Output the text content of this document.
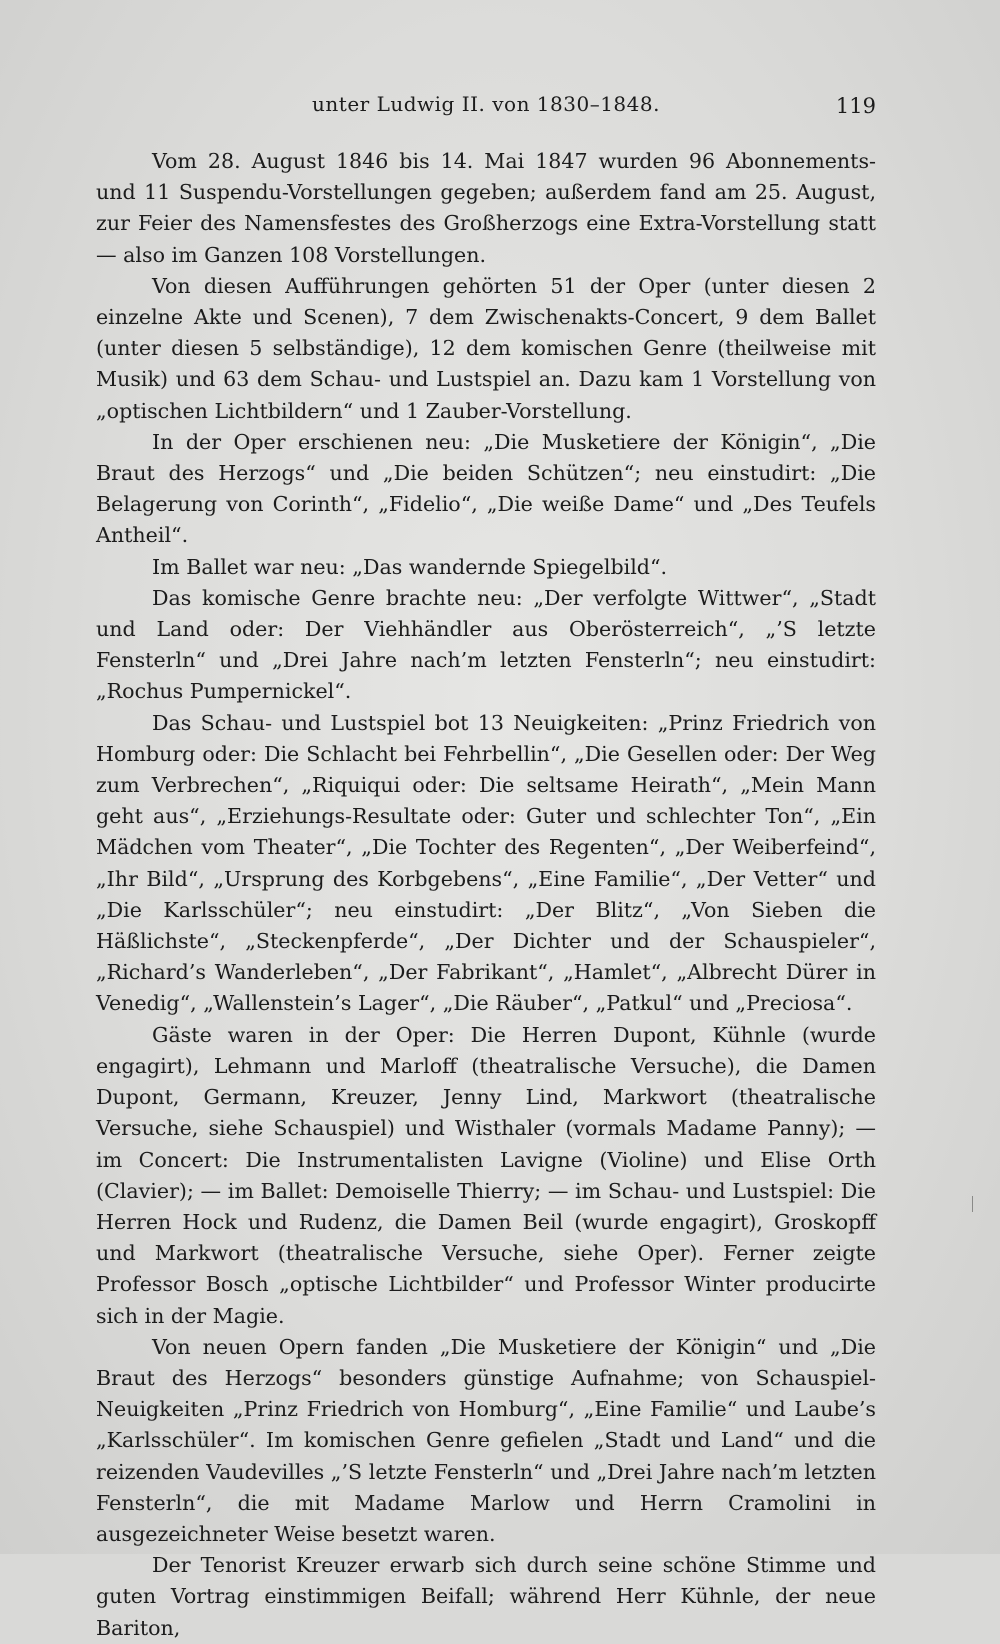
unter Ludwig II. von 1830–1848.	119

Vom 28. August 1846 bis 14. Mai 1847 wurden 96 Abonnements- und 11 Suspendu-Vorstellungen gegeben; außerdem fand am 25. August, zur Feier des Namensfestes des Großherzogs eine Extra-Vorstellung statt — also im Ganzen 108 Vorstellungen.

Von diesen Aufführungen gehörten 51 der Oper (unter diesen 2 einzelne Akte und Scenen), 7 dem Zwischenakts-Concert, 9 dem Ballet (unter diesen 5 selbständige), 12 dem komischen Genre (theilweise mit Musik) und 63 dem Schau- und Lustspiel an. Dazu kam 1 Vorstellung von „optischen Lichtbildern“ und 1 Zauber-Vorstellung.

In der Oper erschienen neu: „Die Musketiere der Königin“, „Die Braut des Herzogs“ und „Die beiden Schützen“; neu einstudirt: „Die Belagerung von Corinth“, „Fidelio“, „Die weiße Dame“ und „Des Teufels Antheil“.

Im Ballet war neu: „Das wandernde Spiegelbild“.

Das komische Genre brachte neu: „Der verfolgte Wittwer“, „Stadt und Land oder: Der Viehhändler aus Oberösterreich“, „’S letzte Fensterln“ und „Drei Jahre nach’m letzten Fensterln“; neu einstudirt: „Rochus Pumpernickel“.

Das Schau- und Lustspiel bot 13 Neuigkeiten: „Prinz Friedrich von Homburg oder: Die Schlacht bei Fehrbellin“, „Die Gesellen oder: Der Weg zum Verbrechen“, „Riquiqui oder: Die seltsame Heirath“, „Mein Mann geht aus“, „Erziehungs-Resultate oder: Guter und schlechter Ton“, „Ein Mädchen vom Theater“, „Die Tochter des Regenten“, „Der Weiberfeind“, „Ihr Bild“, „Ursprung des Korbgebens“, „Eine Familie“, „Der Vetter“ und „Die Karlsschüler“; neu einstudirt: „Der Blitz“, „Von Sieben die Häßlichste“, „Steckenpferde“, „Der Dichter und der Schauspieler“, „Richard’s Wanderleben“, „Der Fabrikant“, „Hamlet“, „Albrecht Dürer in Venedig“, „Wallenstein’s Lager“, „Die Räuber“, „Patkul“ und „Preciosa“.

Gäste waren in der Oper: Die Herren Dupont, Kühnle (wurde engagirt), Lehmann und Marloff (theatralische Versuche), die Damen Dupont, Germann, Kreuzer, Jenny Lind, Markwort (theatralische Versuche, siehe Schauspiel) und Wisthaler (vormals Madame Panny); — im Concert: Die Instrumentalisten Lavigne (Violine) und Elise Orth (Clavier); — im Ballet: Demoiselle Thierry; — im Schau- und Lustspiel: Die Herren Hock und Rudenz, die Damen Beil (wurde engagirt), Groskopff und Markwort (theatralische Versuche, siehe Oper). Ferner zeigte Professor Bosch „optische Lichtbilder“ und Professor Winter producirte sich in der Magie.

Von neuen Opern fanden „Die Musketiere der Königin“ und „Die Braut des Herzogs“ besonders günstige Aufnahme; von Schauspiel-Neuigkeiten „Prinz Friedrich von Homburg“, „Eine Familie“ und Laube’s „Karlsschüler“. Im komischen Genre gefielen „Stadt und Land“ und die reizenden Vaudevilles „’S letzte Fensterln“ und „Drei Jahre nach’m letzten Fensterln“, die mit Madame Marlow und Herrn Cramolini in ausgezeichneter Weise besetzt waren.

Der Tenorist Kreuzer erwarb sich durch seine schöne Stimme und guten Vortrag einstimmigen Beifall; während Herr Kühnle, der neue Bariton,
